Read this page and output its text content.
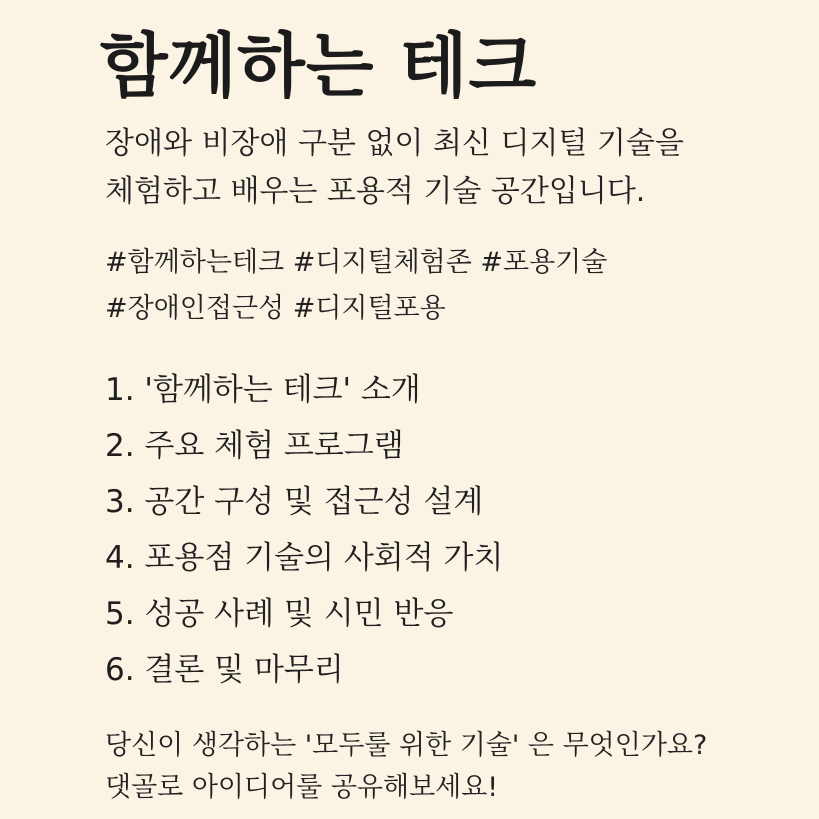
함께하는 테크
장애와 비장애 구분 없이 최신 디지털 기술을
체험하고 배우는 포용적 기술 공간입니다.
#함께하는테크 #디지털체험존 #포용기술
#장애인접근성 #디지털포용
1. '함께하는 테크' 소개
2. 주요 체험 프로그램
3. 공간 구성 및 접근성 설계
4. 포용점 기술의 사회적 가치
5. 성공 사례 및 시민 반응
6. 결론 및 마무리
당신이 생각하는 '모두룰 위한 기술' 은 무엇인가요?
댓골로 아이디어룰 공유해보세요!
